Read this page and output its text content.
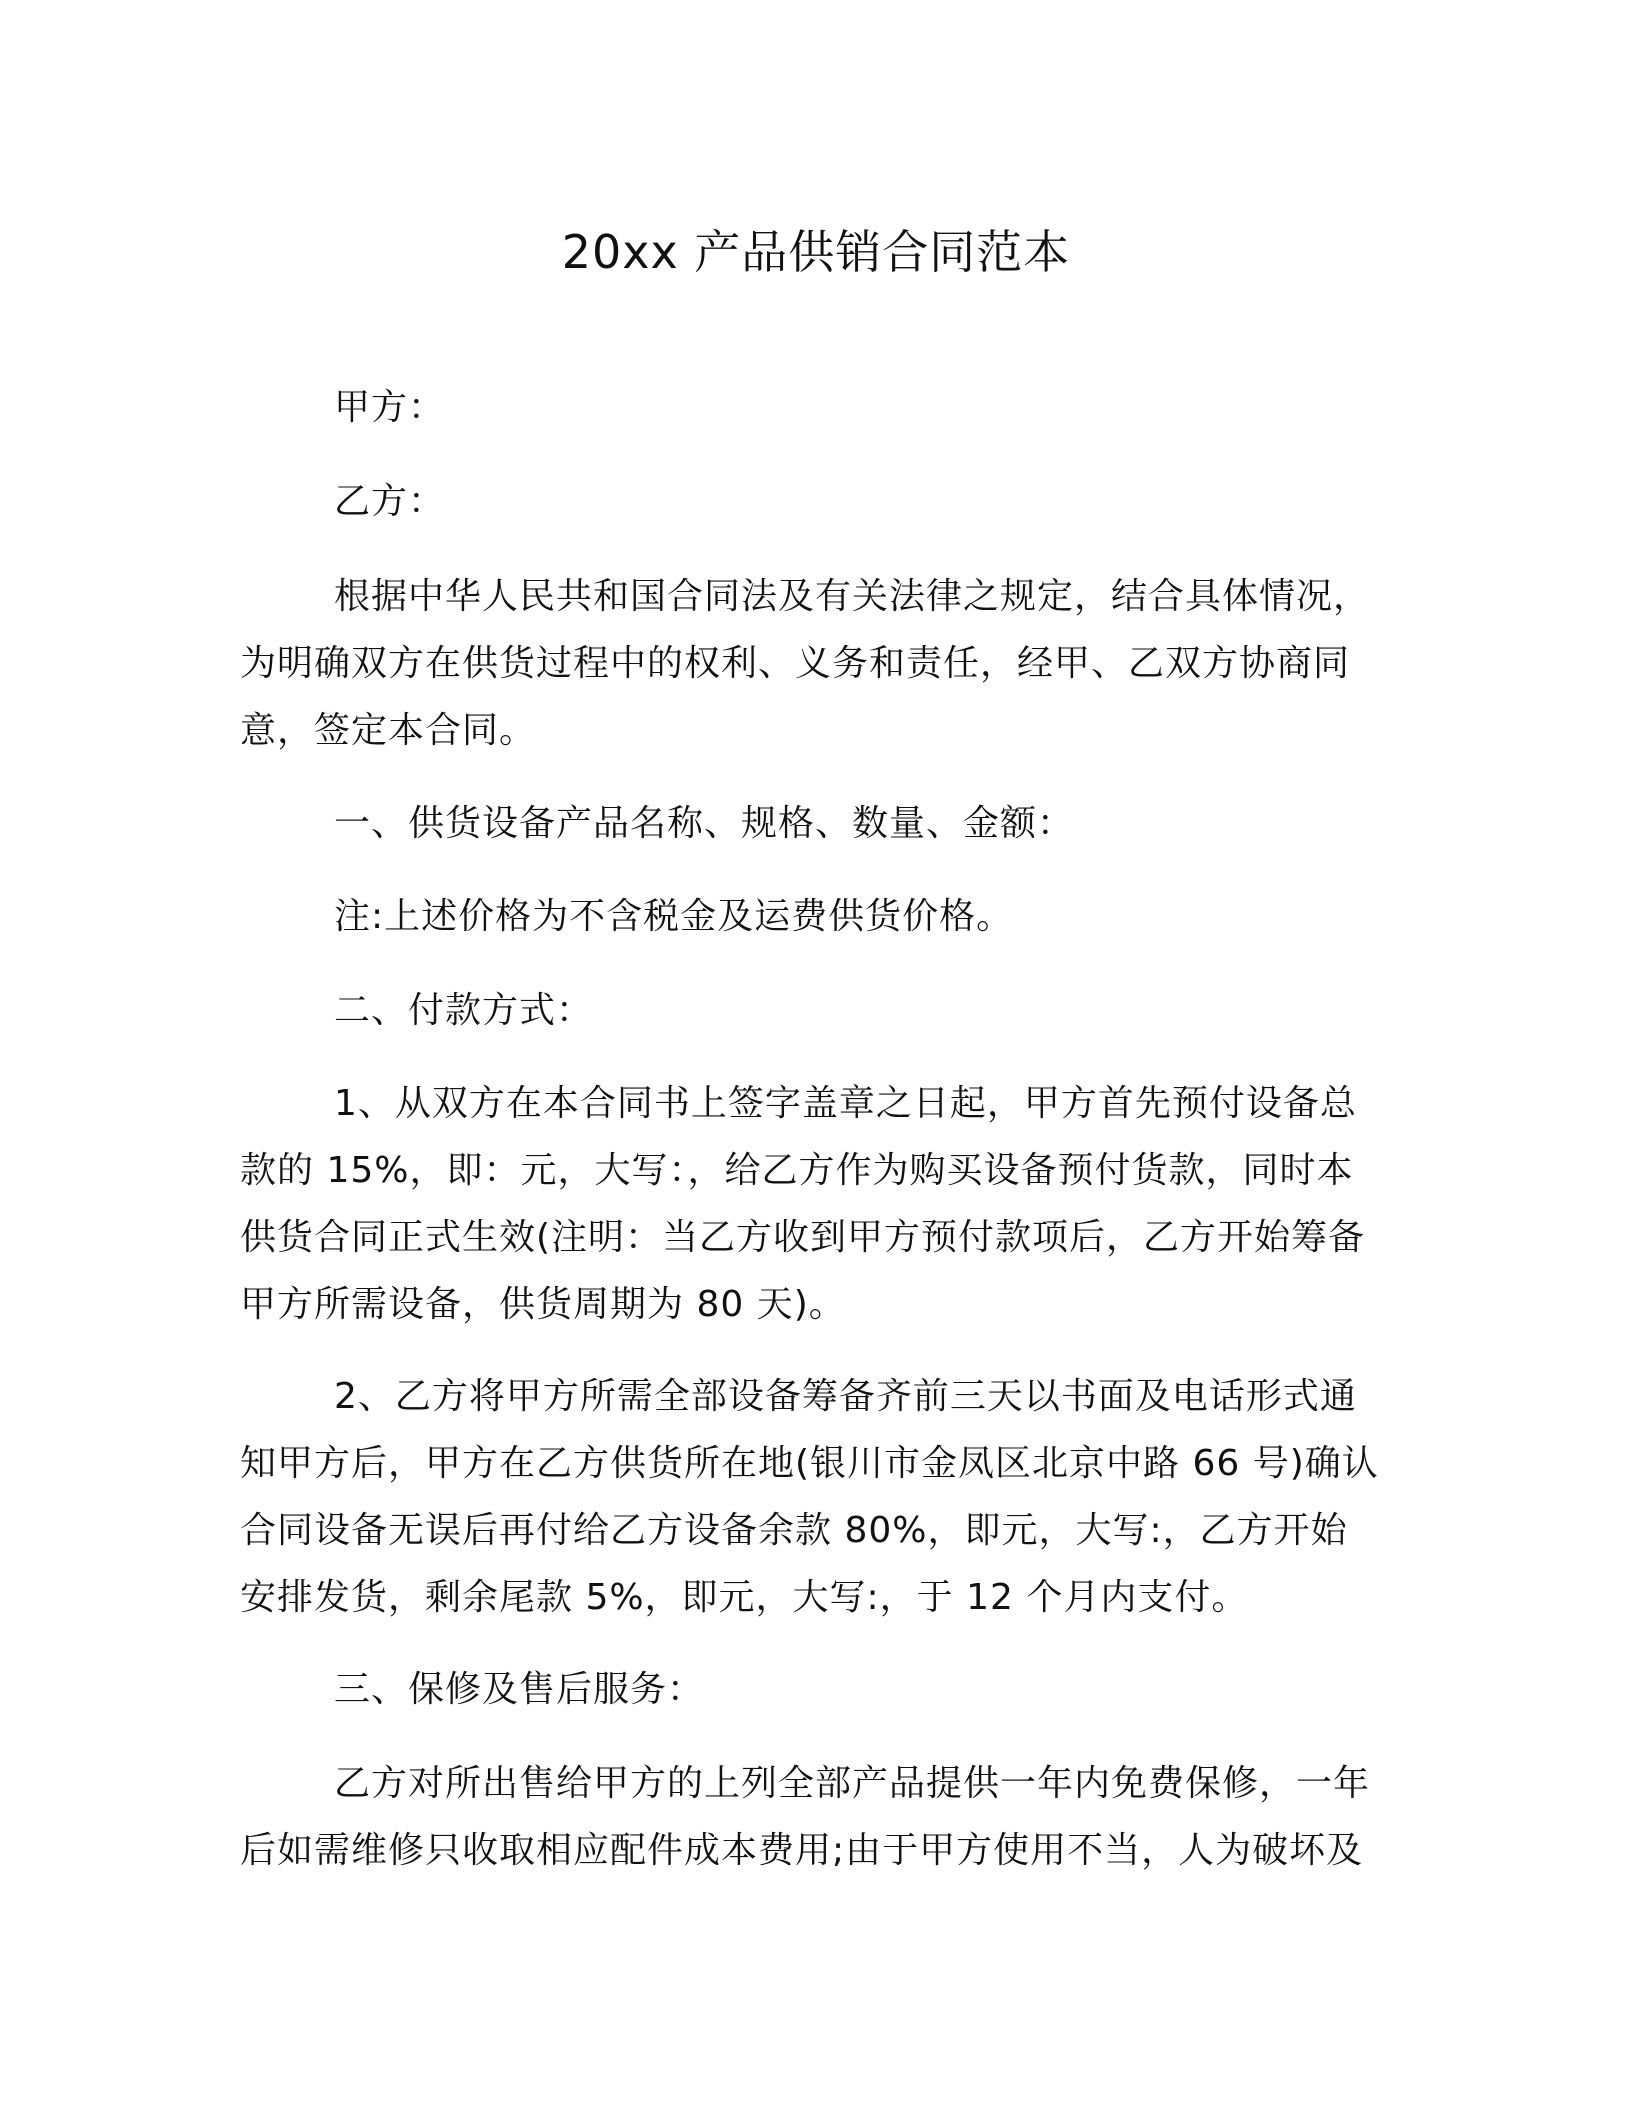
20xx 产品供销合同范本

甲方：

乙方：

根据中华人民共和国合同法及有关法律之规定，结合具体情况，为明确双方在供货过程中的权利、义务和责任，经甲、乙双方协商同意，签定本合同。

一、供货设备产品名称、规格、数量、金额：

注:上述价格为不含税金及运费供货价格。

二、付款方式：

1、从双方在本合同书上签字盖章之日起，甲方首先预付设备总款的 15%，即：元，大写：，给乙方作为购买设备预付货款，同时本供货合同正式生效(注明：当乙方收到甲方预付款项后，乙方开始筹备甲方所需设备，供货周期为 80 天)。

2、乙方将甲方所需全部设备筹备齐前三天以书面及电话形式通知甲方后，甲方在乙方供货所在地(银川市金凤区北京中路 66 号)确认合同设备无误后再付给乙方设备余款 80%，即元，大写:，乙方开始安排发货，剩余尾款 5%，即元，大写:，于 12 个月内支付。

三、保修及售后服务：

乙方对所出售给甲方的上列全部产品提供一年内免费保修，一年后如需维修只收取相应配件成本费用;由于甲方使用不当，人为破坏及
